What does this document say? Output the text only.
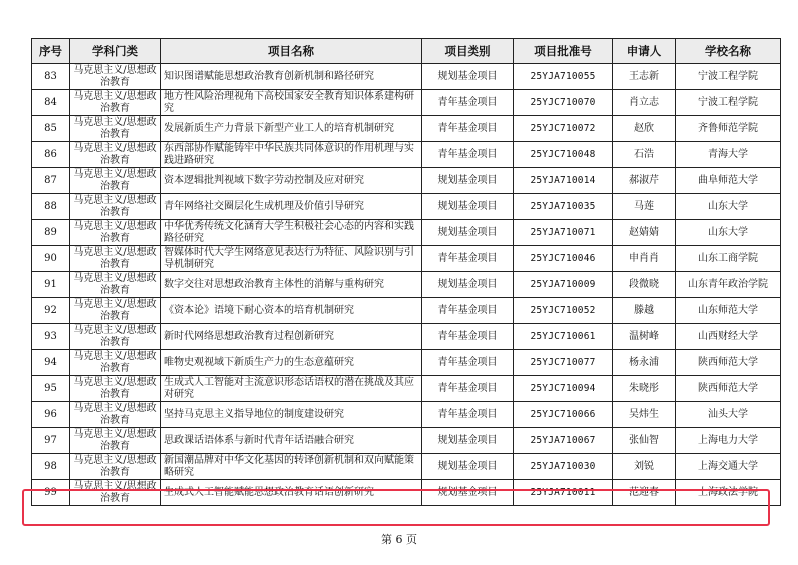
序号	学科门类	项目名称	项目类别	项目批准号	申请人	学校名称
83	马克思主义/思想政治教育	知识图谱赋能思想政治教育创新机制和路径研究	规划基金项目	25YJA710055	王志新	宁波工程学院
84	马克思主义/思想政治教育	地方性风险治理视角下高校国家安全教育知识体系建构研究	青年基金项目	25YJC710070	肖立志	宁波工程学院
85	马克思主义/思想政治教育	发展新质生产力背景下新型产业工人的培育机制研究	青年基金项目	25YJC710072	赵欣	齐鲁师范学院
86	马克思主义/思想政治教育	东西部协作赋能铸牢中华民族共同体意识的作用机理与实践进路研究	青年基金项目	25YJC710048	石浩	青海大学
87	马克思主义/思想政治教育	资本逻辑批判视域下数字劳动控制及应对研究	规划基金项目	25YJA710014	郝淑芹	曲阜师范大学
88	马克思主义/思想政治教育	青年网络社交圈层化生成机理及价值引导研究	规划基金项目	25YJA710035	马莲	山东大学
89	马克思主义/思想政治教育	中华优秀传统文化涵育大学生积极社会心态的内容和实践路径研究	规划基金项目	25YJA710071	赵婧婧	山东大学
90	马克思主义/思想政治教育	智媒体时代大学生网络意见表达行为特征、风险识别与引导机制研究	青年基金项目	25YJC710046	申肖肖	山东工商学院
91	马克思主义/思想政治教育	数字交往对思想政治教育主体性的消解与重构研究	规划基金项目	25YJA710009	段微晓	山东青年政治学院
92	马克思主义/思想政治教育	《资本论》语境下耐心资本的培育机制研究	青年基金项目	25YJC710052	滕越	山东师范大学
93	马克思主义/思想政治教育	新时代网络思想政治教育过程创新研究	青年基金项目	25YJC710061	温树峰	山西财经大学
94	马克思主义/思想政治教育	唯物史观视域下新质生产力的生态意蕴研究	青年基金项目	25YJC710077	杨永浦	陕西师范大学
95	马克思主义/思想政治教育	生成式人工智能对主流意识形态话语权的潜在挑战及其应对研究	青年基金项目	25YJC710094	朱晓彤	陕西师范大学
96	马克思主义/思想政治教育	坚持马克思主义指导地位的制度建设研究	青年基金项目	25YJC710066	吴炜生	汕头大学
97	马克思主义/思想政治教育	思政课话语体系与新时代青年话语融合研究	规划基金项目	25YJA710067	张仙智	上海电力大学
98	马克思主义/思想政治教育	新国潮品牌对中华文化基因的转译创新机制和双向赋能策略研究	规划基金项目	25YJA710030	刘锐	上海交通大学
99	马克思主义/思想政治教育	生成式人工智能赋能思想政治教育话语创新研究	规划基金项目	25YJA710011	范迎春	上海政法学院
第 6 页
